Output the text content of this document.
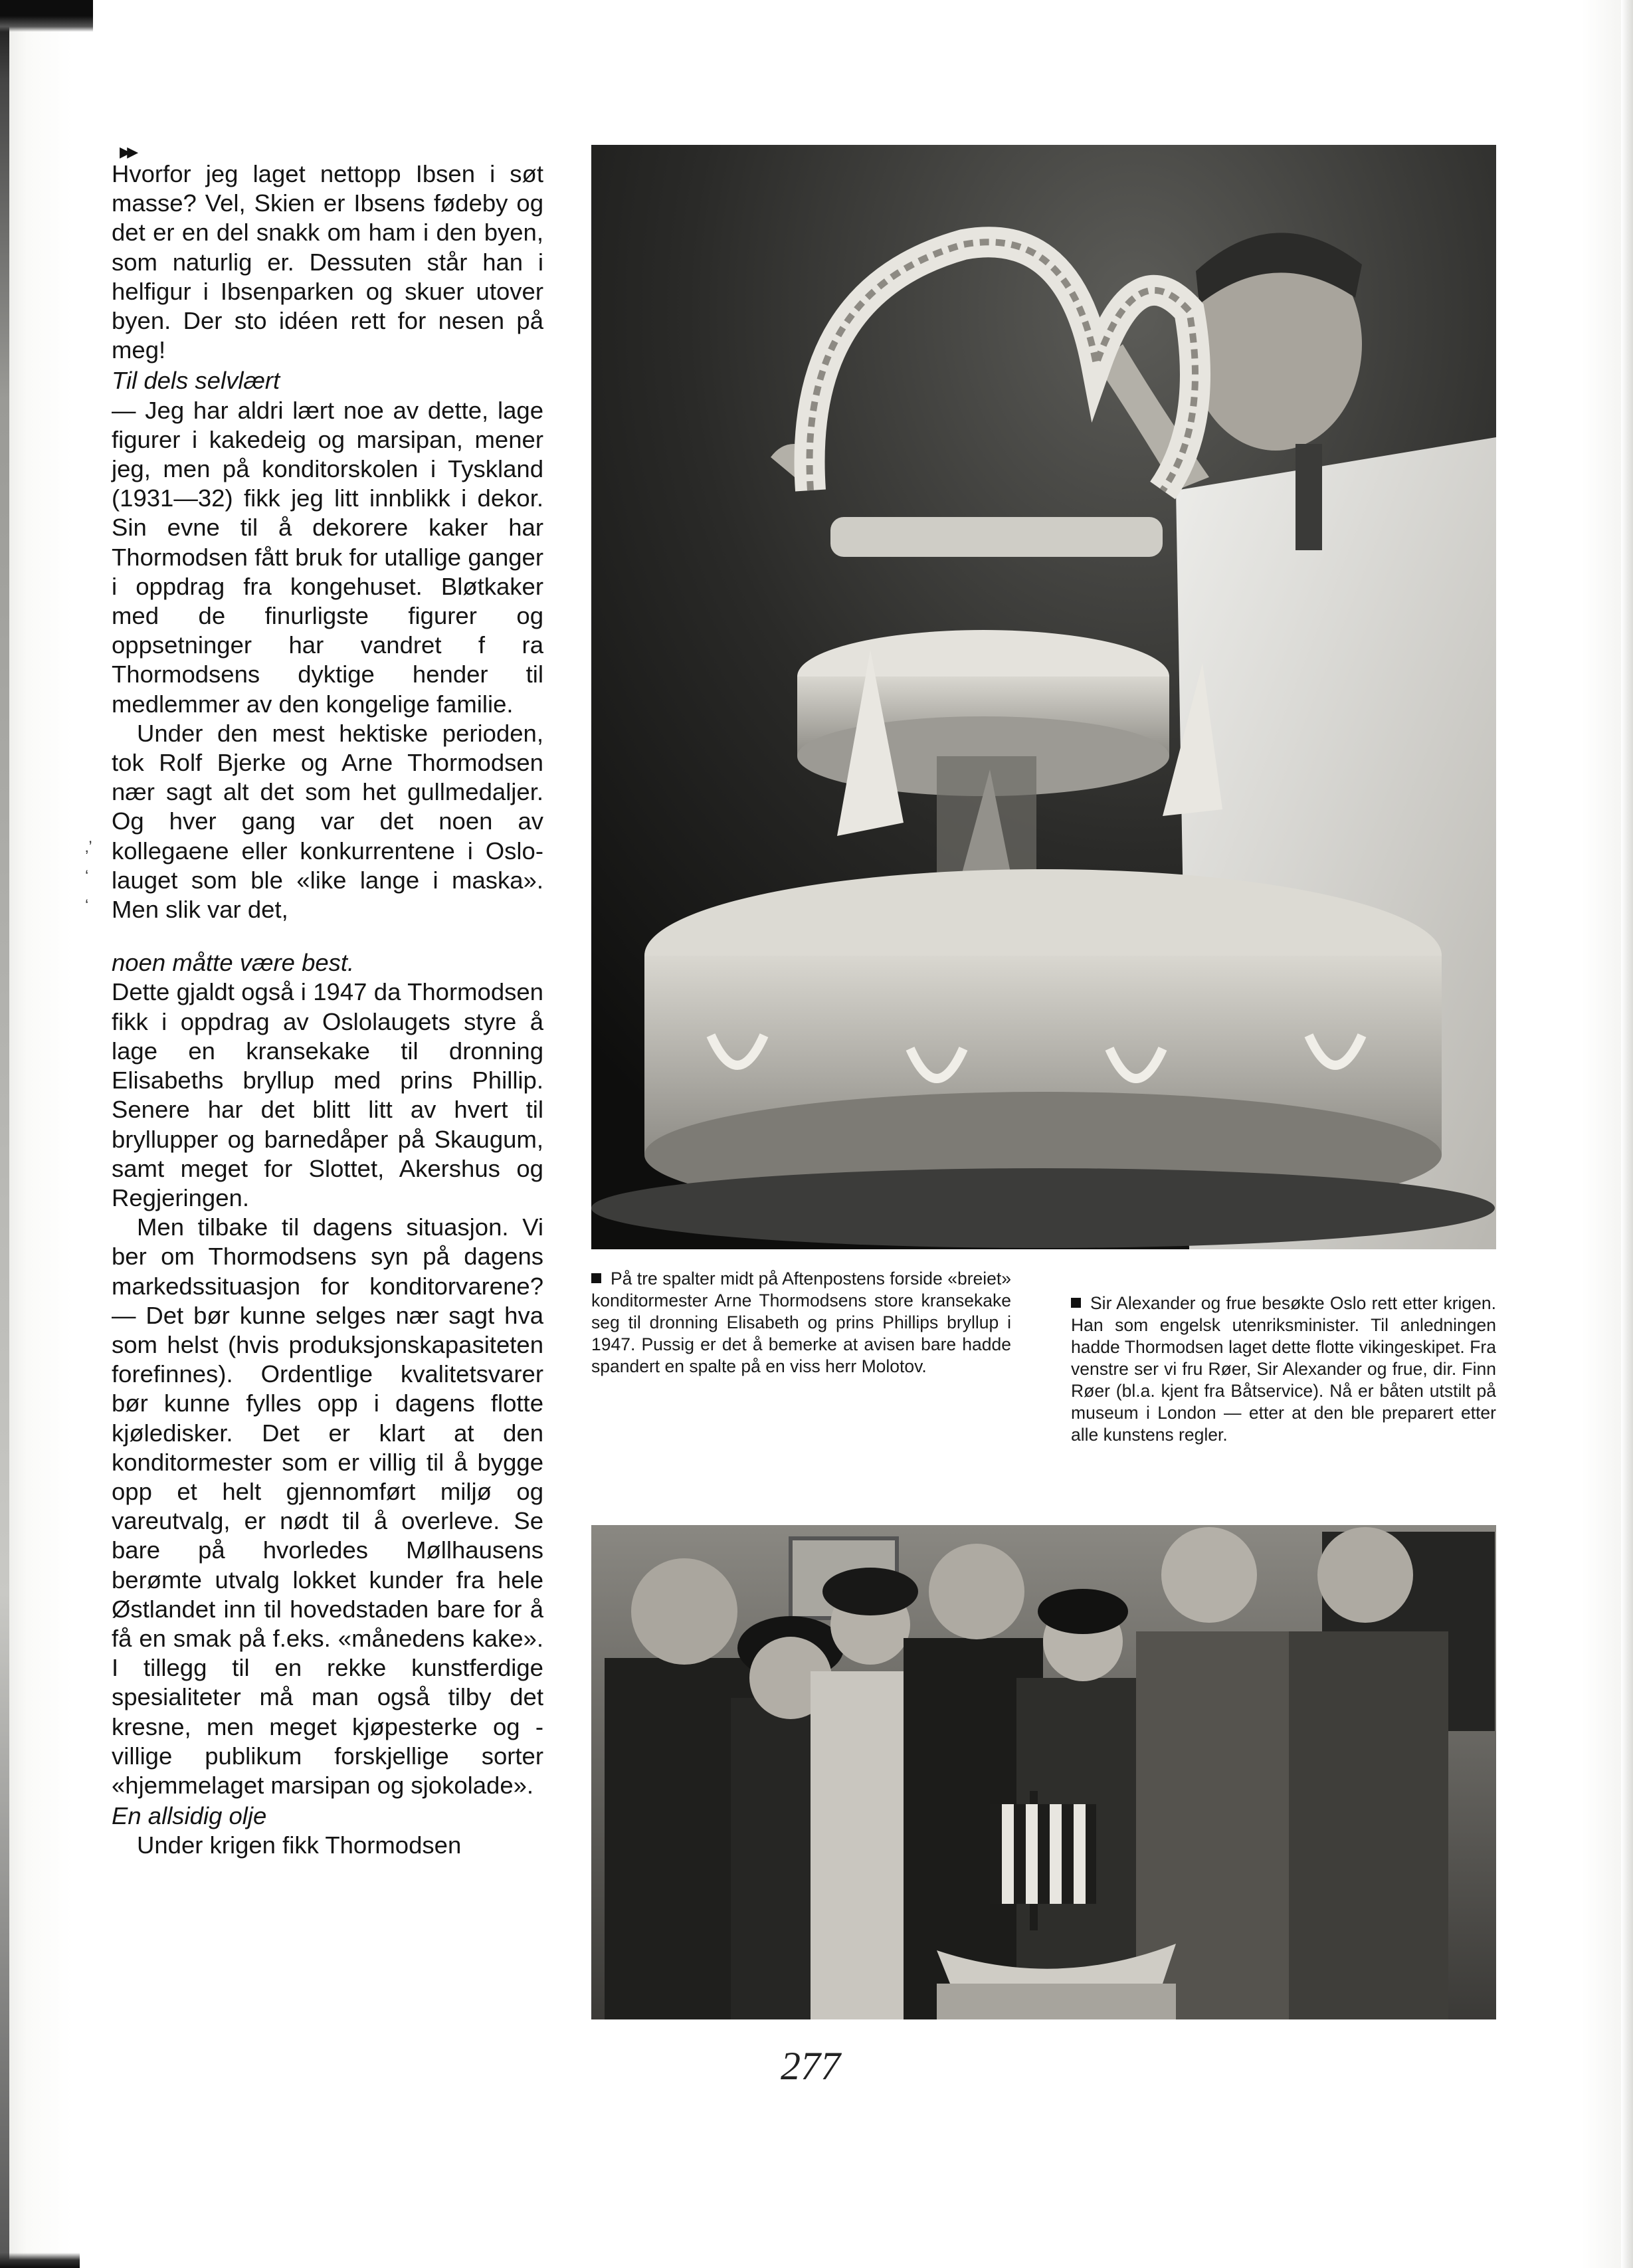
▸▸
‚’
‘
‘

Hvorfor jeg laget nettopp Ibsen i søt masse? Vel, Skien er Ibsens fødeby og det er en del snakk om ham i den byen, som naturlig er. Dessuten står han i helfigur i Ibsenparken og skuer utover byen. Der sto idéen rett for nesen på meg!

Til dels selvlært

— Jeg har aldri lært noe av dette, lage figurer i kakedeig og marsipan, mener jeg, men på konditorskolen i Tyskland (1931—32) fikk jeg litt innblikk i dekor. Sin evne til å dekorere kaker har Thormodsen fått bruk for utallige ganger i oppdrag fra kongehuset. Bløtkaker med de finurligste figurer og oppsetninger har vandret f ra Thormodsens dyktige hender til medlemmer av den kongelige familie.

Under den mest hektiske perioden, tok Rolf Bjerke og Arne Thormodsen nær sagt alt det som het gullmedaljer. Og hver gang var det noen av kollegaene eller konkurrentene i Oslo-lauget som ble «like lange i maska». Men slik var det,

noen måtte være best.

Dette gjaldt også i 1947 da Thormodsen fikk i oppdrag av Oslolaugets styre å lage en kransekake til dronning Elisabeths bryllup med prins Phillip. Senere har det blitt litt av hvert til bryllupper og barnedåper på Skaugum, samt meget for Slottet, Akershus og Regjeringen.

Men tilbake til dagens situasjon. Vi ber om Thormodsens syn på dagens markedssituasjon for konditorvarene? — Det bør kunne selges nær sagt hva som helst (hvis produksjonskapasiteten forefinnes). Ordentlige kvalitetsvarer bør kunne fylles opp i dagens flotte kjøledisker. Det er klart at den konditormester som er villig til å bygge opp et helt gjennomført miljø og vareutvalg, er nødt til å overleve. Se bare på hvorledes Møllhausens berømte utvalg lokket kunder fra hele Østlandet inn til hovedstaden bare for å få en smak på f.eks. «månedens kake». I tillegg til en rekke kunstferdige spesialiteter må man også tilby det kresne, men meget kjøpesterke og -villige publikum forskjellige sorter «hjemmelaget marsipan og sjokolade».

En allsidig olje

Under krigen fikk Thormodsen

På tre spalter midt på Aftenpostens forside «breiet» konditormester Arne Thormodsens store kransekake seg til dronning Elisabeth og prins Phillips bryllup i 1947. Pussig er det å bemerke at avisen bare hadde spandert en spalte på en viss herr Molotov.
Sir Alexander og frue besøkte Oslo rett etter krigen. Han som engelsk utenriksminister. Til anledningen hadde Thormodsen laget dette flotte vikingeskipet. Fra venstre ser vi fru Røer, Sir Alexander og frue, dir. Finn Røer (bl.a. kjent fra Båtservice). Nå er båten utstilt på museum i London — etter at den ble preparert etter alle kunstens regler.
277
